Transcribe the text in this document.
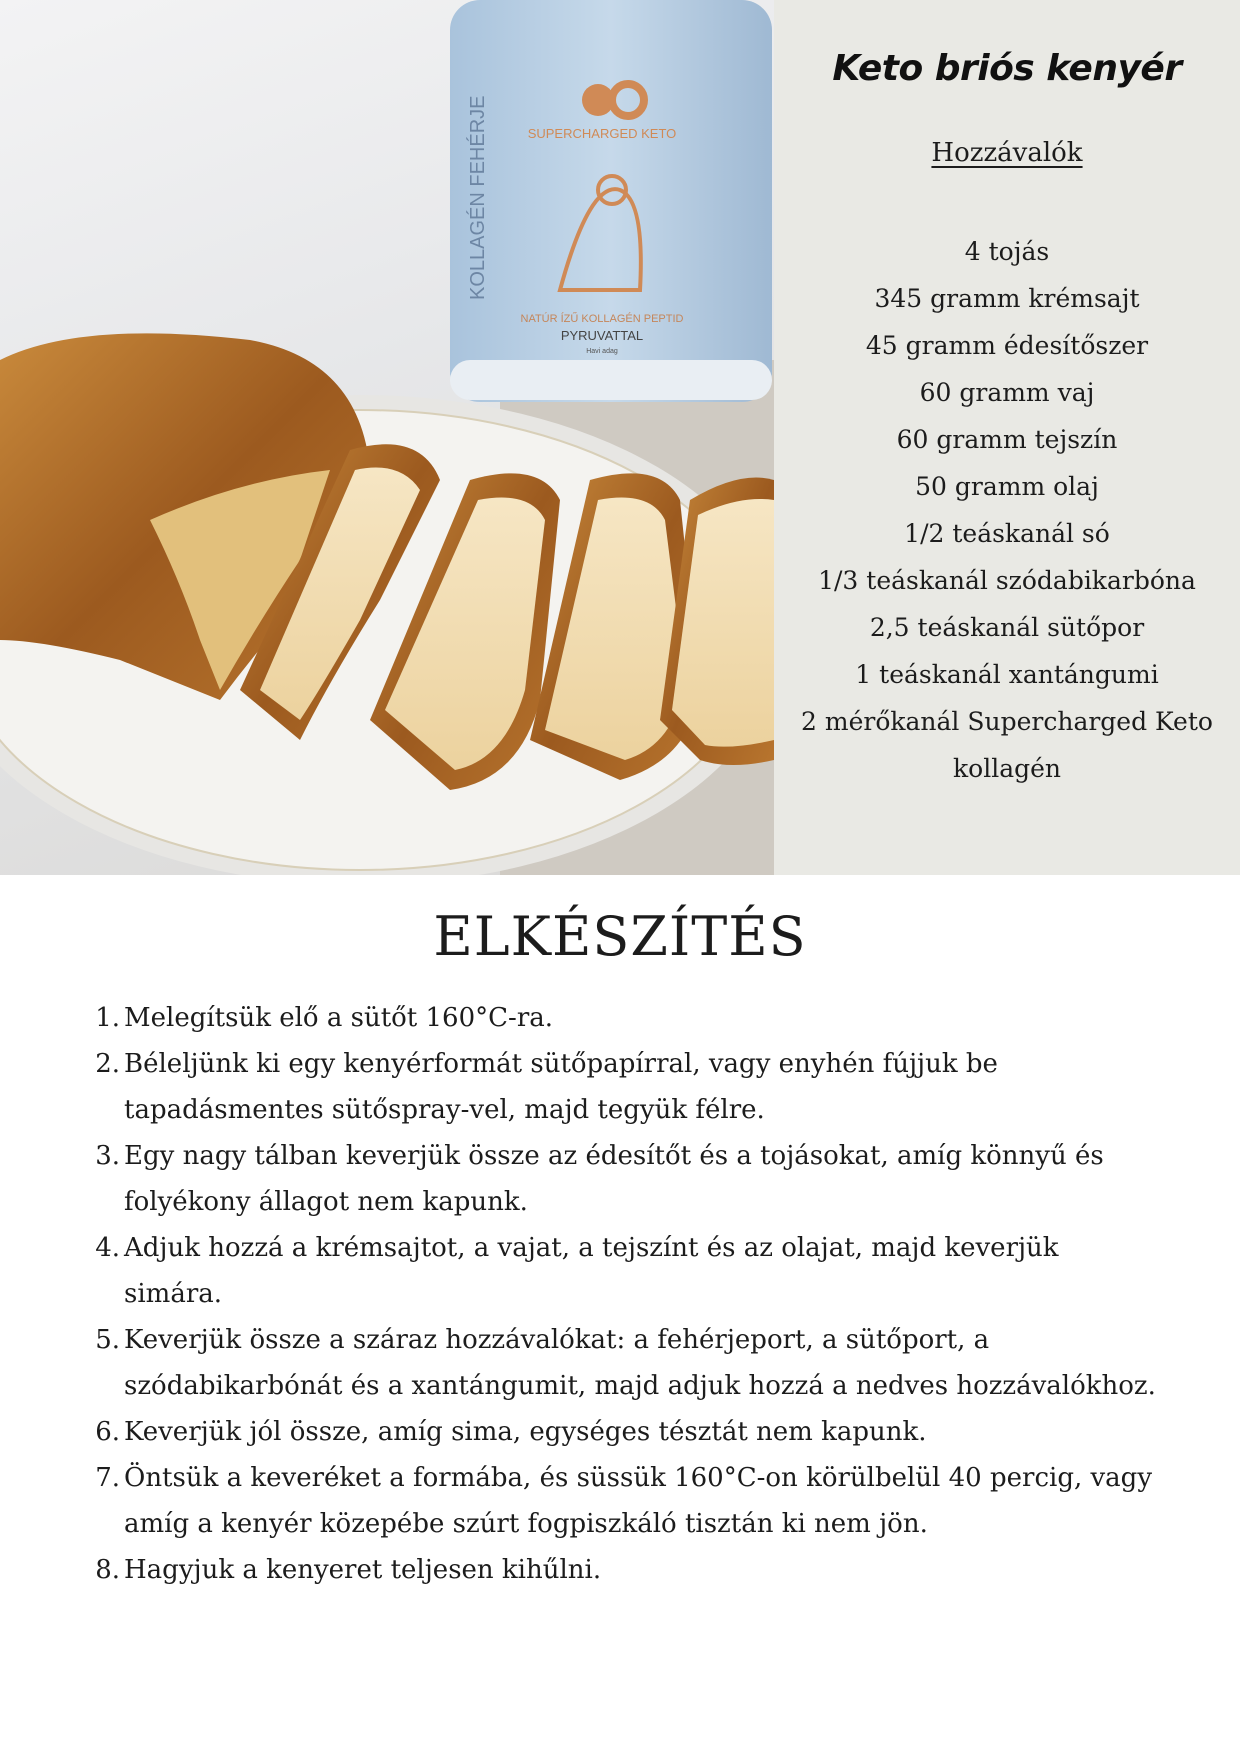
SUPERCHARGED KETO
NATÚR ÍZŰ KOLLAGÉN PEPTID
PYRUVATTAL
Havi adag
KOLLAGÉN FEHÉRJE
Keto briós kenyér
Hozzávalók
4 tojás
345 gramm krémsajt
45 gramm édesítőszer
60 gramm vaj
60 gramm tejszín
50 gramm olaj
1/2 teáskanál só
1/3 teáskanál szódabikarbóna
2,5 teáskanál sütőpor
1 teáskanál xantángumi
2 mérőkanál Supercharged Keto kollagén
ELKÉSZÍTÉS
1. Melegítsük elő a sütőt 160°C-ra.
2. Béleljünk ki egy kenyérformát sütőpapírral, vagy enyhén fújjuk be tapadásmentes sütőspray-vel, majd tegyük félre.
3. Egy nagy tálban keverjük össze az édesítőt és a tojásokat, amíg könnyű és folyékony állagot nem kapunk.
4. Adjuk hozzá a krémsajtot, a vajat, a tejszínt és az olajat, majd keverjük simára.
5. Keverjük össze a száraz hozzávalókat: a fehérjeport, a sütőport, a szódabikarbónát és a xantángumit, majd adjuk hozzá a nedves hozzávalókhoz.
6. Keverjük jól össze, amíg sima, egységes tésztát nem kapunk.
7. Öntsük a keveréket a formába, és süssük 160°C-on körülbelül 40 percig, vagy amíg a kenyér közepébe szúrt fogpiszkáló tisztán ki nem jön.
8. Hagyjuk a kenyeret teljesen kihűlni.
